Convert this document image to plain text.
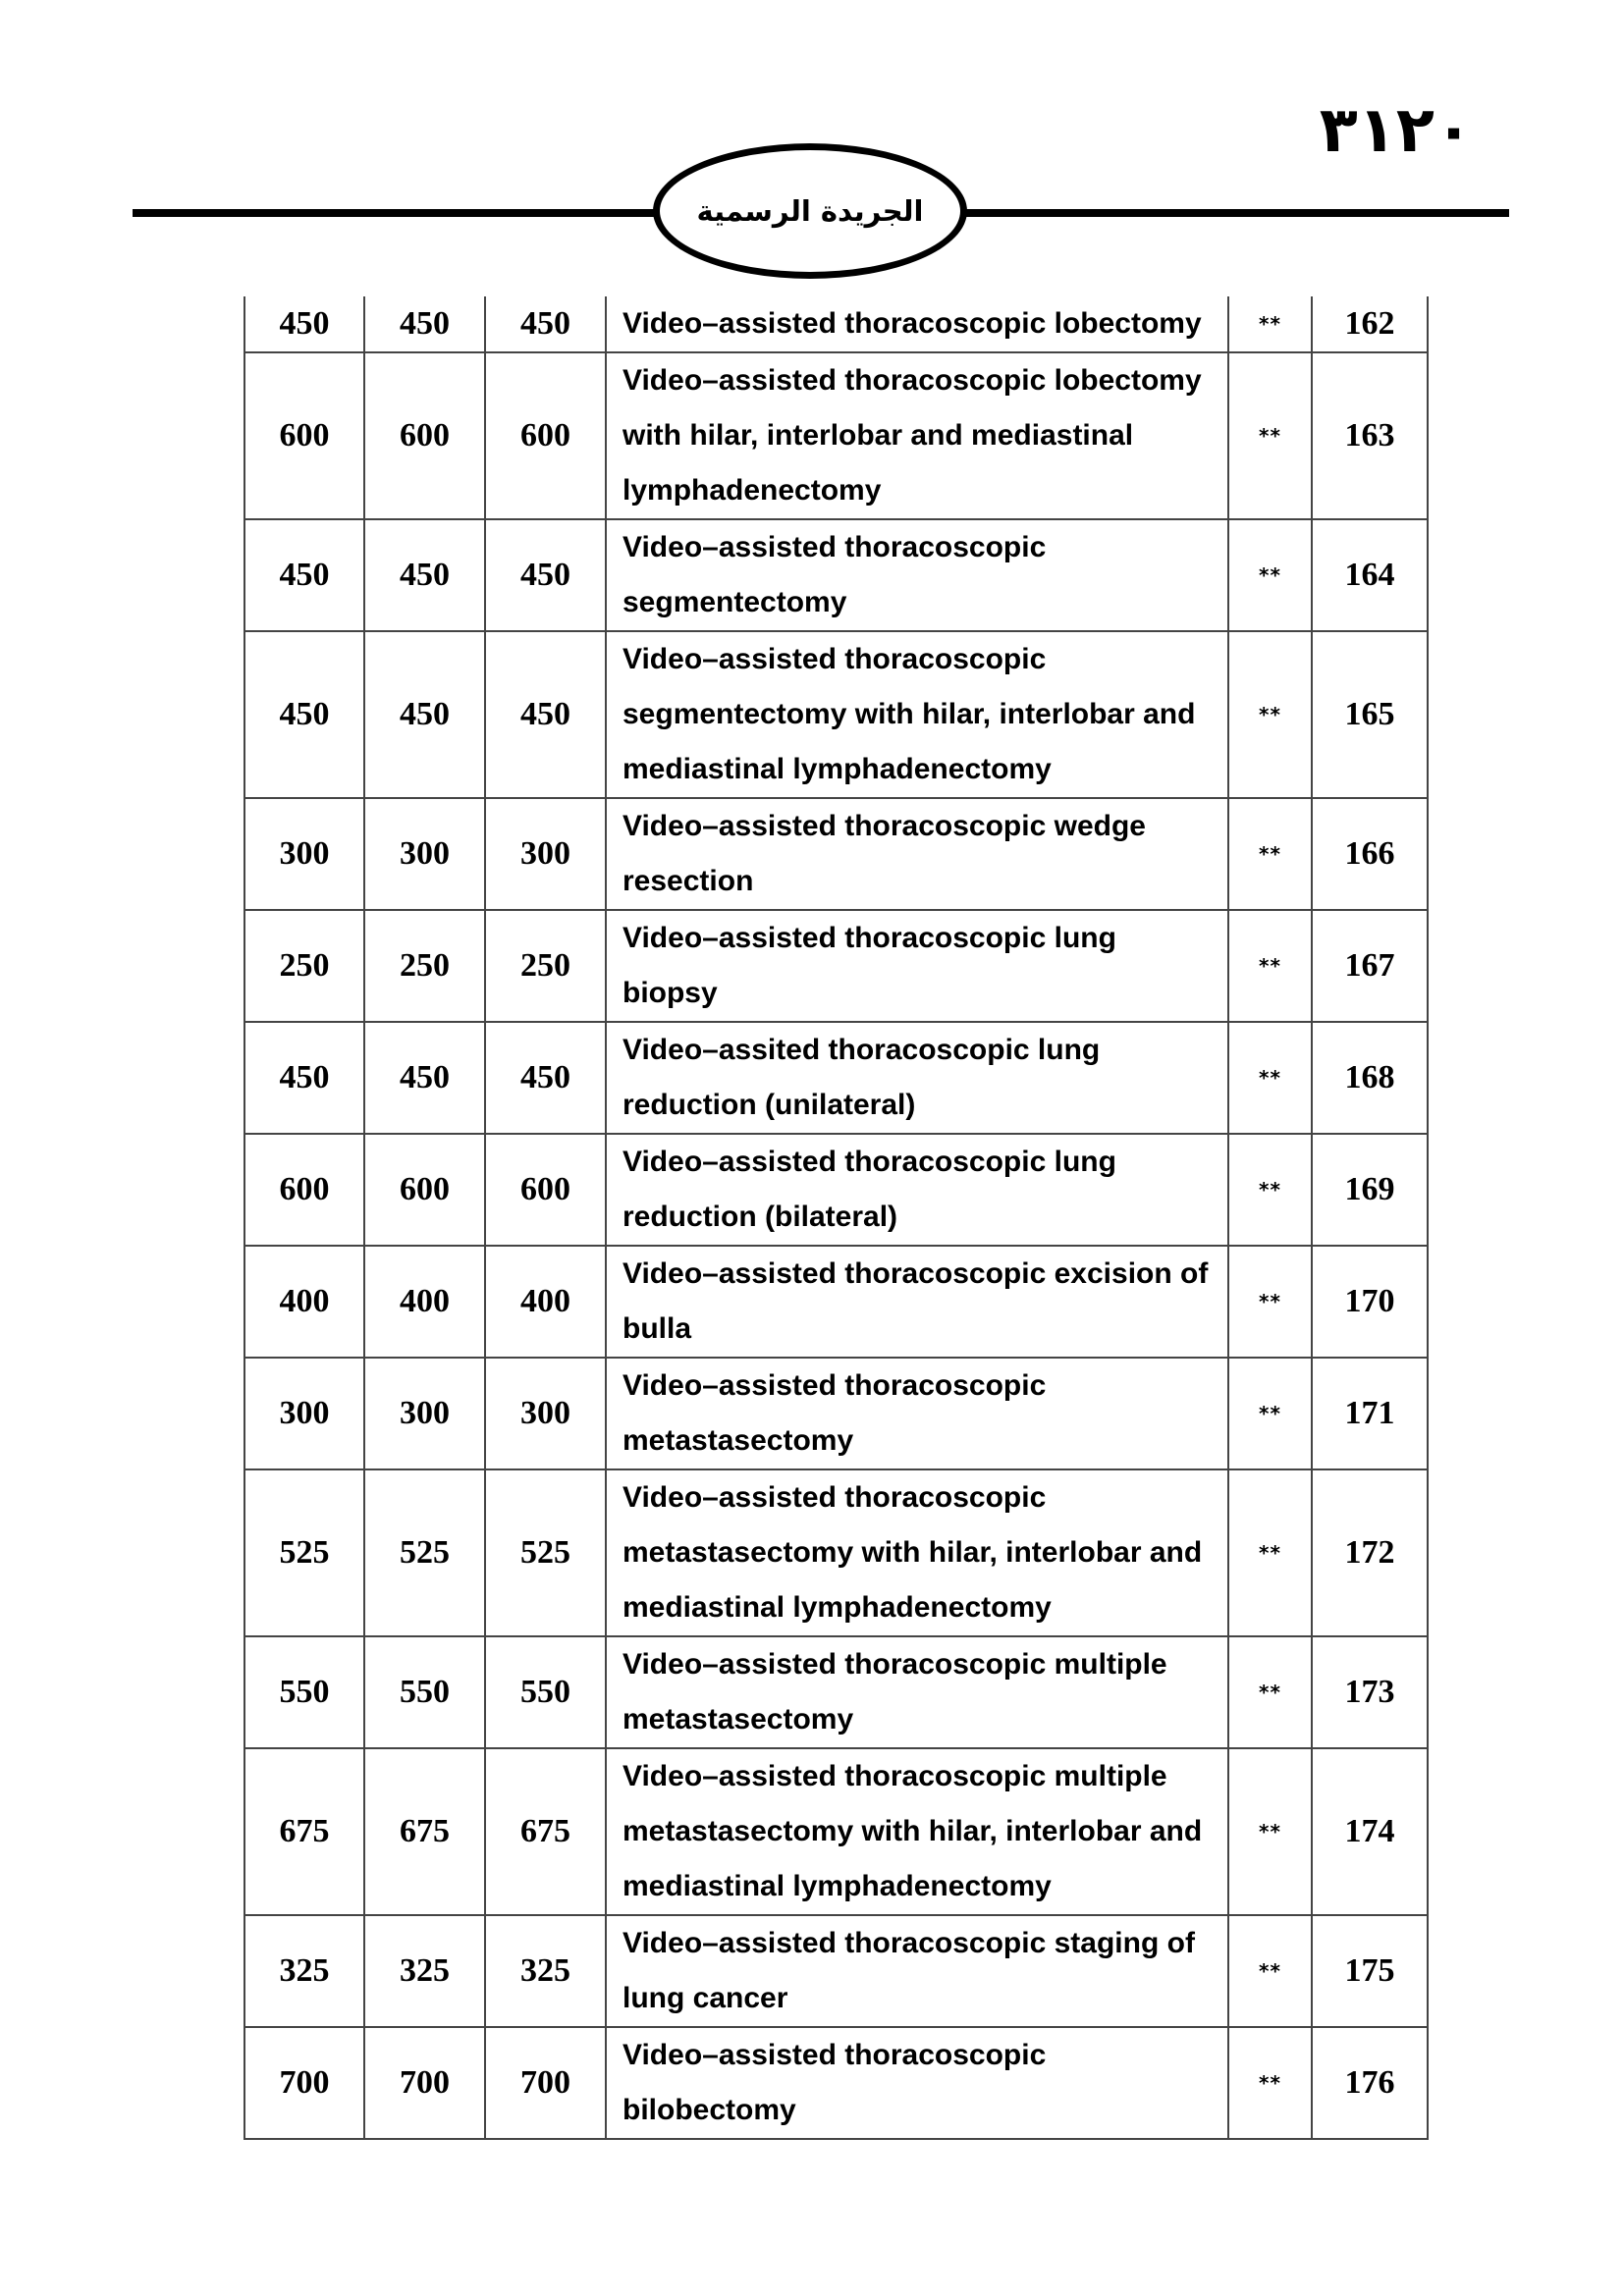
٣١٢٠
الجريدة الرسمية
450	450	450	Video–assisted thoracoscopic lobectomy	**	162
600	600	600	Video–assisted thoracoscopic lobectomy with hilar, interlobar and mediastinal lymphadenectomy	**	163
450	450	450	Video–assisted thoracoscopic segmentectomy	**	164
450	450	450	Video–assisted thoracoscopic segmentectomy with hilar, interlobar and mediastinal lymphadenectomy	**	165
300	300	300	Video–assisted thoracoscopic wedge resection	**	166
250	250	250	Video–assisted thoracoscopic lung biopsy	**	167
450	450	450	Video–assited thoracoscopic lung reduction (unilateral)	**	168
600	600	600	Video–assisted thoracoscopic lung reduction (bilateral)	**	169
400	400	400	Video–assisted thoracoscopic excision of bulla	**	170
300	300	300	Video–assisted thoracoscopic metastasectomy	**	171
525	525	525	Video–assisted thoracoscopic metastasectomy with hilar, interlobar and mediastinal lymphadenectomy	**	172
550	550	550	Video–assisted thoracoscopic multiple metastasectomy	**	173
675	675	675	Video–assisted thoracoscopic multiple metastasectomy with hilar, interlobar and mediastinal lymphadenectomy	**	174
325	325	325	Video–assisted thoracoscopic staging of lung cancer	**	175
700	700	700	Video–assisted thoracoscopic bilobectomy	**	176
